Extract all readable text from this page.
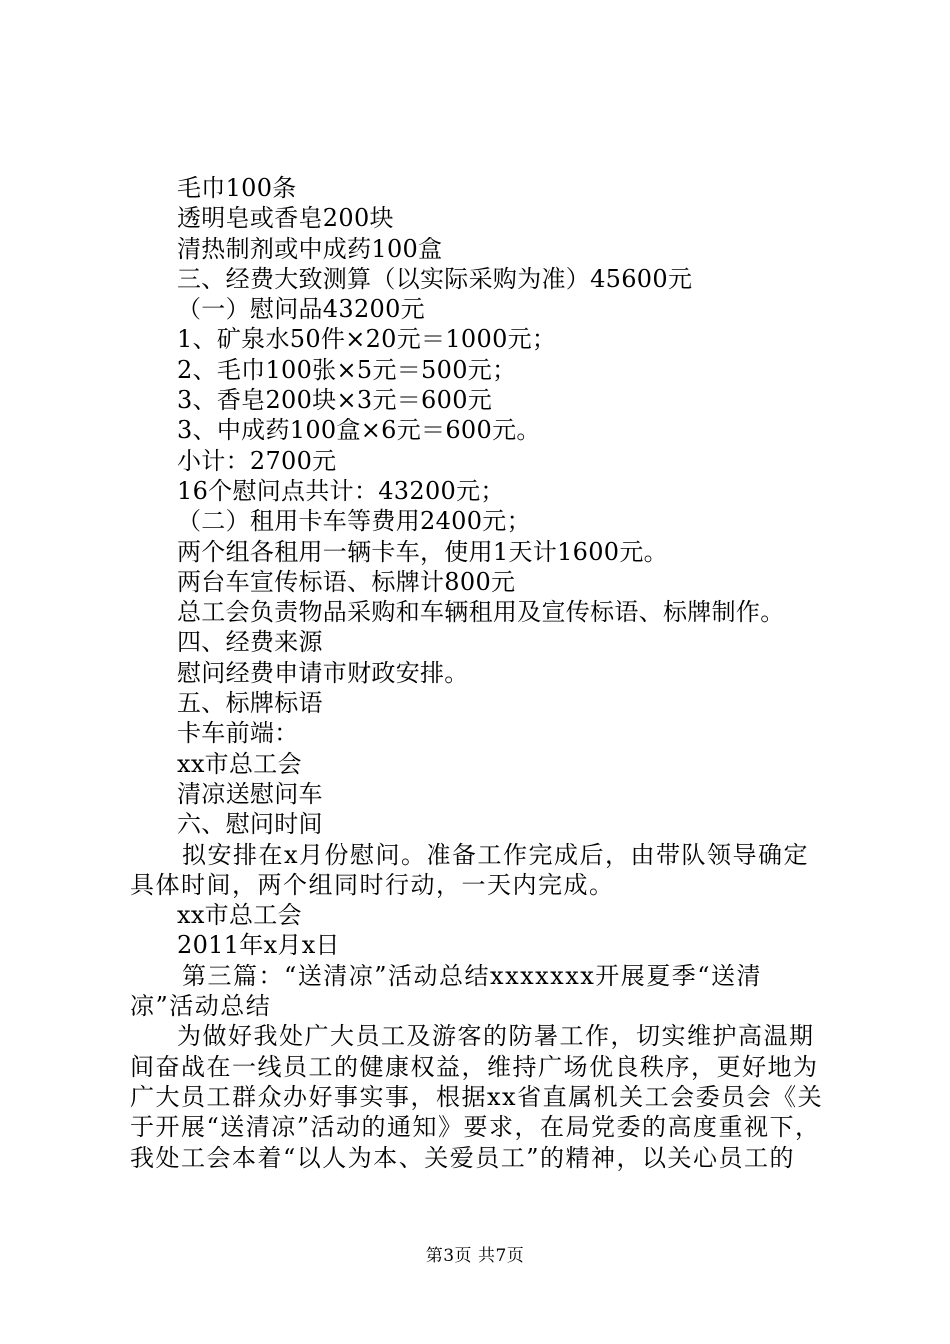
毛巾100条
透明皂或香皂200块
清热制剂或中成药100盒
三、经费大致测算（以实际采购为准）45600元
（一）慰问品43200元
1、矿泉水50件×20元＝1000元；
2、毛巾100张×5元＝500元；
3、香皂200块×3元＝600元
3、中成药100盒×6元＝600元。
小计：2700元
16个慰问点共计：43200元；
（二）租用卡车等费用2400元；
两个组各租用一辆卡车，使用1天计1600元。
两台车宣传标语、标牌计800元
总工会负责物品采购和车辆租用及宣传标语、标牌制作。
四、经费来源
慰问经费申请市财政安排。
五、标牌标语
卡车前端：
xx市总工会
清凉送慰问车
六、慰问时间
拟安排在x月份慰问。准备工作完成后，由带队领导确定
具体时间，两个组同时行动，一天内完成。
xx市总工会
2011年x月x日
第三篇：“送清凉”活动总结xxxxxxx开展夏季“送清
凉”活动总结
为做好我处广大员工及游客的防暑工作，切实维护高温期
间奋战在一线员工的健康权益，维持广场优良秩序，更好地为
广大员工群众办好事实事，根据xx省直属机关工会委员会《关
于开展“送清凉”活动的通知》要求，在局党委的高度重视下，
我处工会本着“以人为本、关爱员工”的精神，以关心员工的
第3页 共7页
